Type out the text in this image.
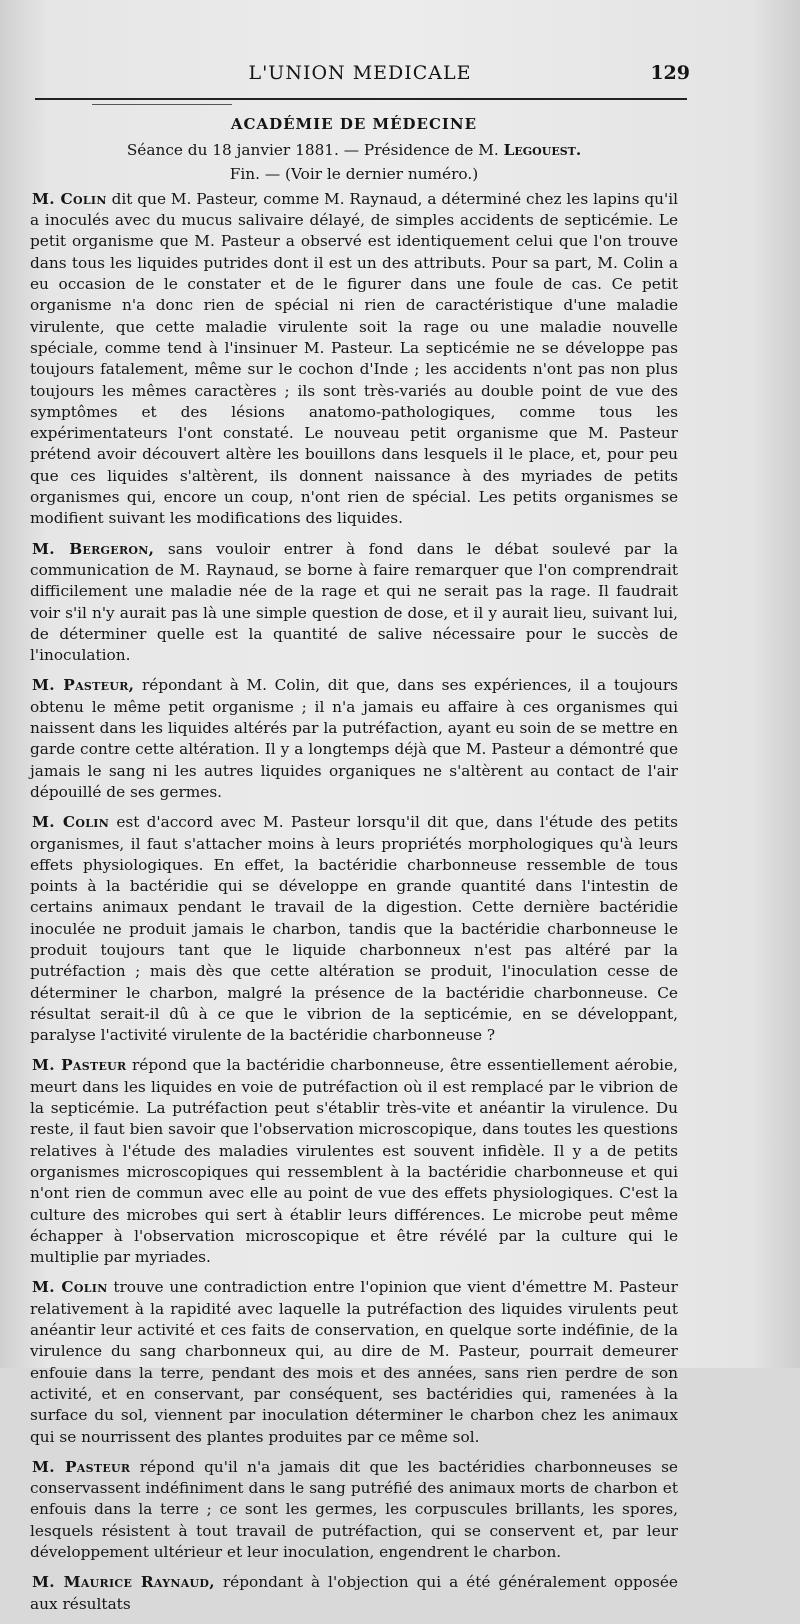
L'UNION MEDICALE	129
ACADÉMIE DE MÉDECINE
Séance du 18 janvier 1881. — Présidence de M. Legouest.
Fin. — (Voir le dernier numéro.)

M. Colin dit que M. Pasteur, comme M. Raynaud, a déterminé chez les lapins qu'il a inoculés avec du mucus salivaire délayé, de simples accidents de septicémie. Le petit organisme que M. Pasteur a observé est identiquement celui que l'on trouve dans tous les liquides putrides dont il est un des attributs. Pour sa part, M. Colin a eu occasion de le constater et de le figurer dans une foule de cas. Ce petit organisme n'a donc rien de spécial ni rien de caractéristique d'une maladie virulente, que cette maladie virulente soit la rage ou une maladie nouvelle spéciale, comme tend à l'insinuer M. Pasteur. La septicémie ne se développe pas toujours fatalement, même sur le cochon d'Inde ; les accidents n'ont pas non plus toujours les mêmes caractères ; ils sont très-variés au double point de vue des symptômes et des lésions anatomo-pathologiques, comme tous les expérimentateurs l'ont constaté. Le nouveau petit organisme que M. Pasteur prétend avoir découvert altère les bouillons dans lesquels il le place, et, pour peu que ces liquides s'altèrent, ils donnent naissance à des myriades de petits organismes qui, encore un coup, n'ont rien de spécial. Les petits organismes se modifient suivant les modifications des liquides.

M. Bergeron, sans vouloir entrer à fond dans le débat soulevé par la communication de M. Raynaud, se borne à faire remarquer que l'on comprendrait difficilement une maladie née de la rage et qui ne serait pas la rage. Il faudrait voir s'il n'y aurait pas là une simple question de dose, et il y aurait lieu, suivant lui, de déterminer quelle est la quantité de salive nécessaire pour le succès de l'inoculation.

M. Pasteur, répondant à M. Colin, dit que, dans ses expériences, il a toujours obtenu le même petit organisme ; il n'a jamais eu affaire à ces organismes qui naissent dans les liquides altérés par la putréfaction, ayant eu soin de se mettre en garde contre cette altération. Il y a longtemps déjà que M. Pasteur a démontré que jamais le sang ni les autres liquides organiques ne s'altèrent au contact de l'air dépouillé de ses germes.

M. Colin est d'accord avec M. Pasteur lorsqu'il dit que, dans l'étude des petits organismes, il faut s'attacher moins à leurs propriétés morphologiques qu'à leurs effets physiologiques. En effet, la bactéridie charbonneuse ressemble de tous points à la bactéridie qui se développe en grande quantité dans l'intestin de certains animaux pendant le travail de la digestion. Cette dernière bactéridie inoculée ne produit jamais le charbon, tandis que la bactéridie charbonneuse le produit toujours tant que le liquide charbonneux n'est pas altéré par la putréfaction ; mais dès que cette altération se produit, l'inoculation cesse de déterminer le charbon, malgré la présence de la bactéridie charbonneuse. Ce résultat serait-il dû à ce que le vibrion de la septicémie, en se développant, paralyse l'activité virulente de la bactéridie charbonneuse ?

M. Pasteur répond que la bactéridie charbonneuse, être essentiellement aérobie, meurt dans les liquides en voie de putréfaction où il est remplacé par le vibrion de la septicémie. La putréfaction peut s'établir très-vite et anéantir la virulence. Du reste, il faut bien savoir que l'observation microscopique, dans toutes les questions relatives à l'étude des maladies virulentes est souvent infidèle. Il y a de petits organismes microscopiques qui ressemblent à la bactéridie charbonneuse et qui n'ont rien de commun avec elle au point de vue des effets physiologiques. C'est la culture des microbes qui sert à établir leurs différences. Le microbe peut même échapper à l'observation microscopique et être révélé par la culture qui le multiplie par myriades.

M. Colin trouve une contradiction entre l'opinion que vient d'émettre M. Pasteur relativement à la rapidité avec laquelle la putréfaction des liquides virulents peut anéantir leur activité et ces faits de conservation, en quelque sorte indéfinie, de la virulence du sang charbonneux qui, au dire de M. Pasteur, pourrait demeurer enfouie dans la terre, pendant des mois et des années, sans rien perdre de son activité, et en conservant, par conséquent, ses bactéridies qui, ramenées à la surface du sol, viennent par inoculation déterminer le charbon chez les animaux qui se nourrissent des plantes produites par ce même sol.

M. Pasteur répond qu'il n'a jamais dit que les bactéridies charbonneuses se conservassent indéfiniment dans le sang putréfié des animaux morts de charbon et enfouis dans la terre ; ce sont les germes, les corpuscules brillants, les spores, lesquels résistent à tout travail de putréfaction, qui se conservent et, par leur développement ultérieur et leur inoculation, engendrent le charbon.

M. Maurice Raynaud, répondant à l'objection qui a été généralement opposée aux résultats
